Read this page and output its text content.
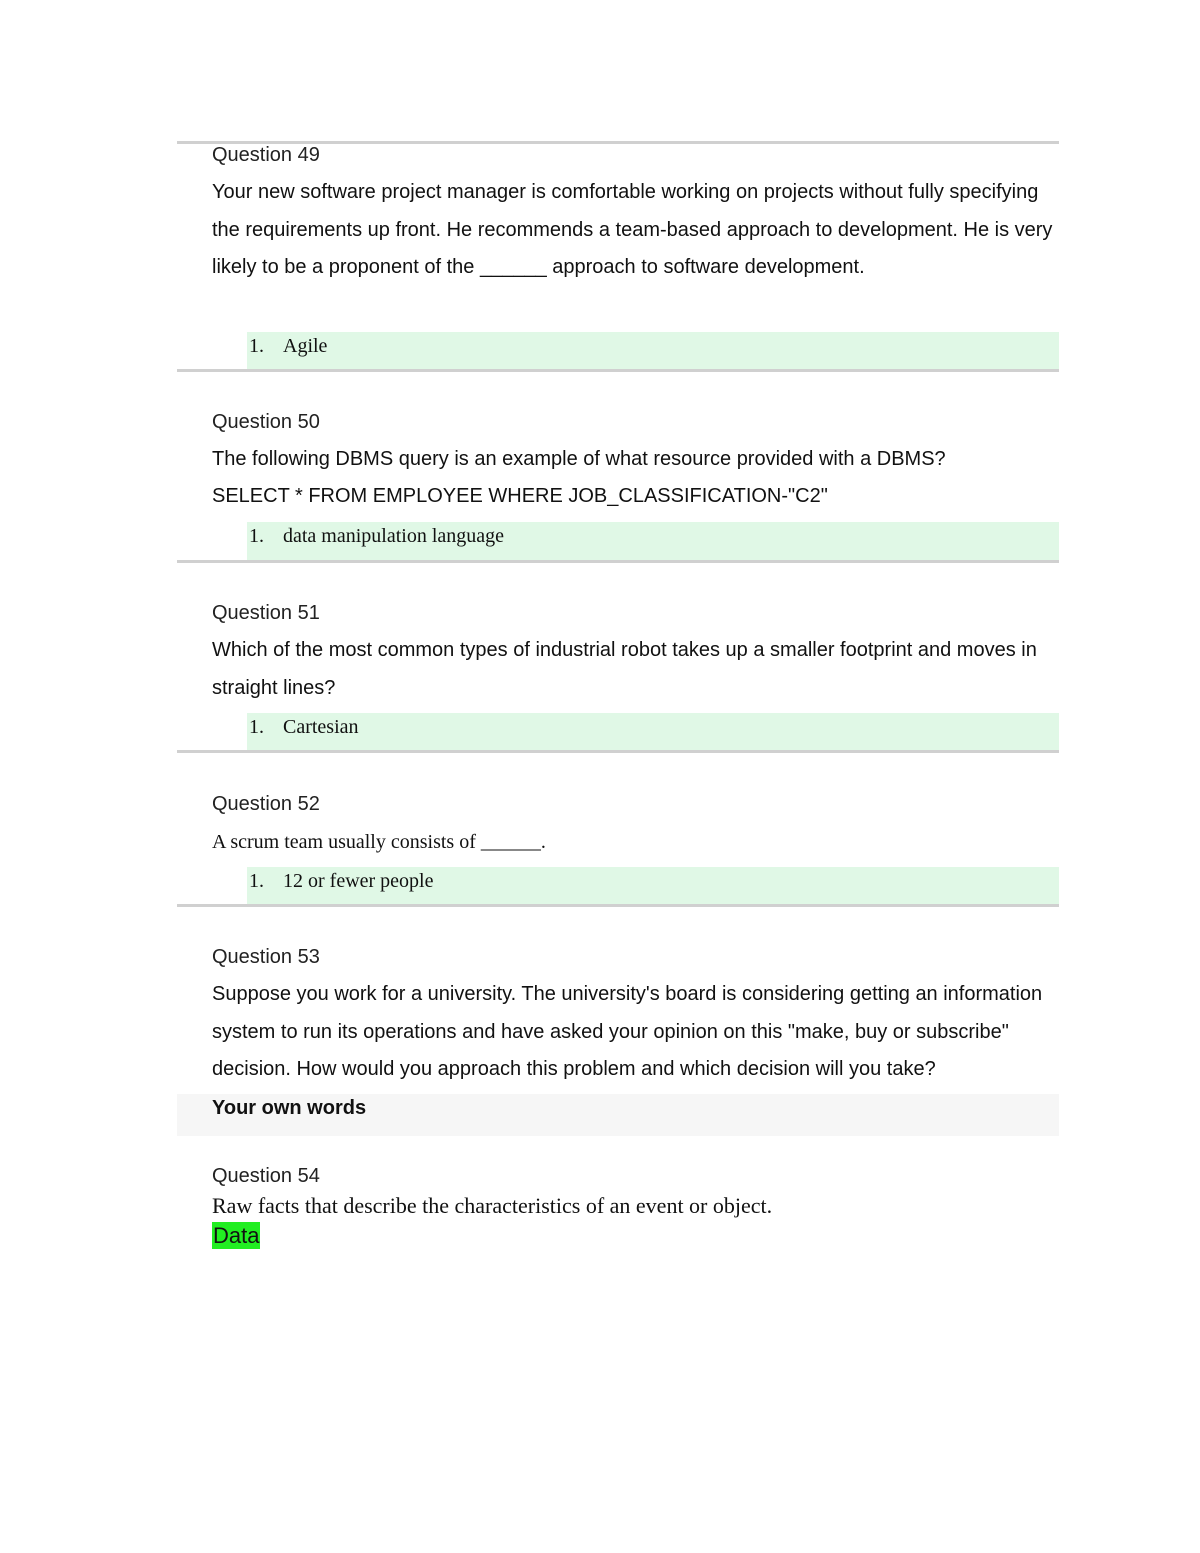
Question 49
Your new software project manager is comfortable working on projects without fully specifying the requirements up front. He recommends a team-based approach to development. He is very likely to be a proponent of the ______ approach to software development.
1. Agile
Question 50
The following DBMS query is an example of what resource provided with a DBMS?
SELECT * FROM EMPLOYEE WHERE JOB_CLASSIFICATION-"C2"
1. data manipulation language
Question 51
Which of the most common types of industrial robot takes up a smaller footprint and moves in straight lines?
1. Cartesian
Question 52
A scrum team usually consists of ______.
1. 12 or fewer people
Question 53
Suppose you work for a university. The university's board is considering getting an information system to run its operations and have asked your opinion on this "make, buy or subscribe" decision. How would you approach this problem and which decision will you take?
Your own words
Question 54
Raw facts that describe the characteristics of an event or object.
Data
